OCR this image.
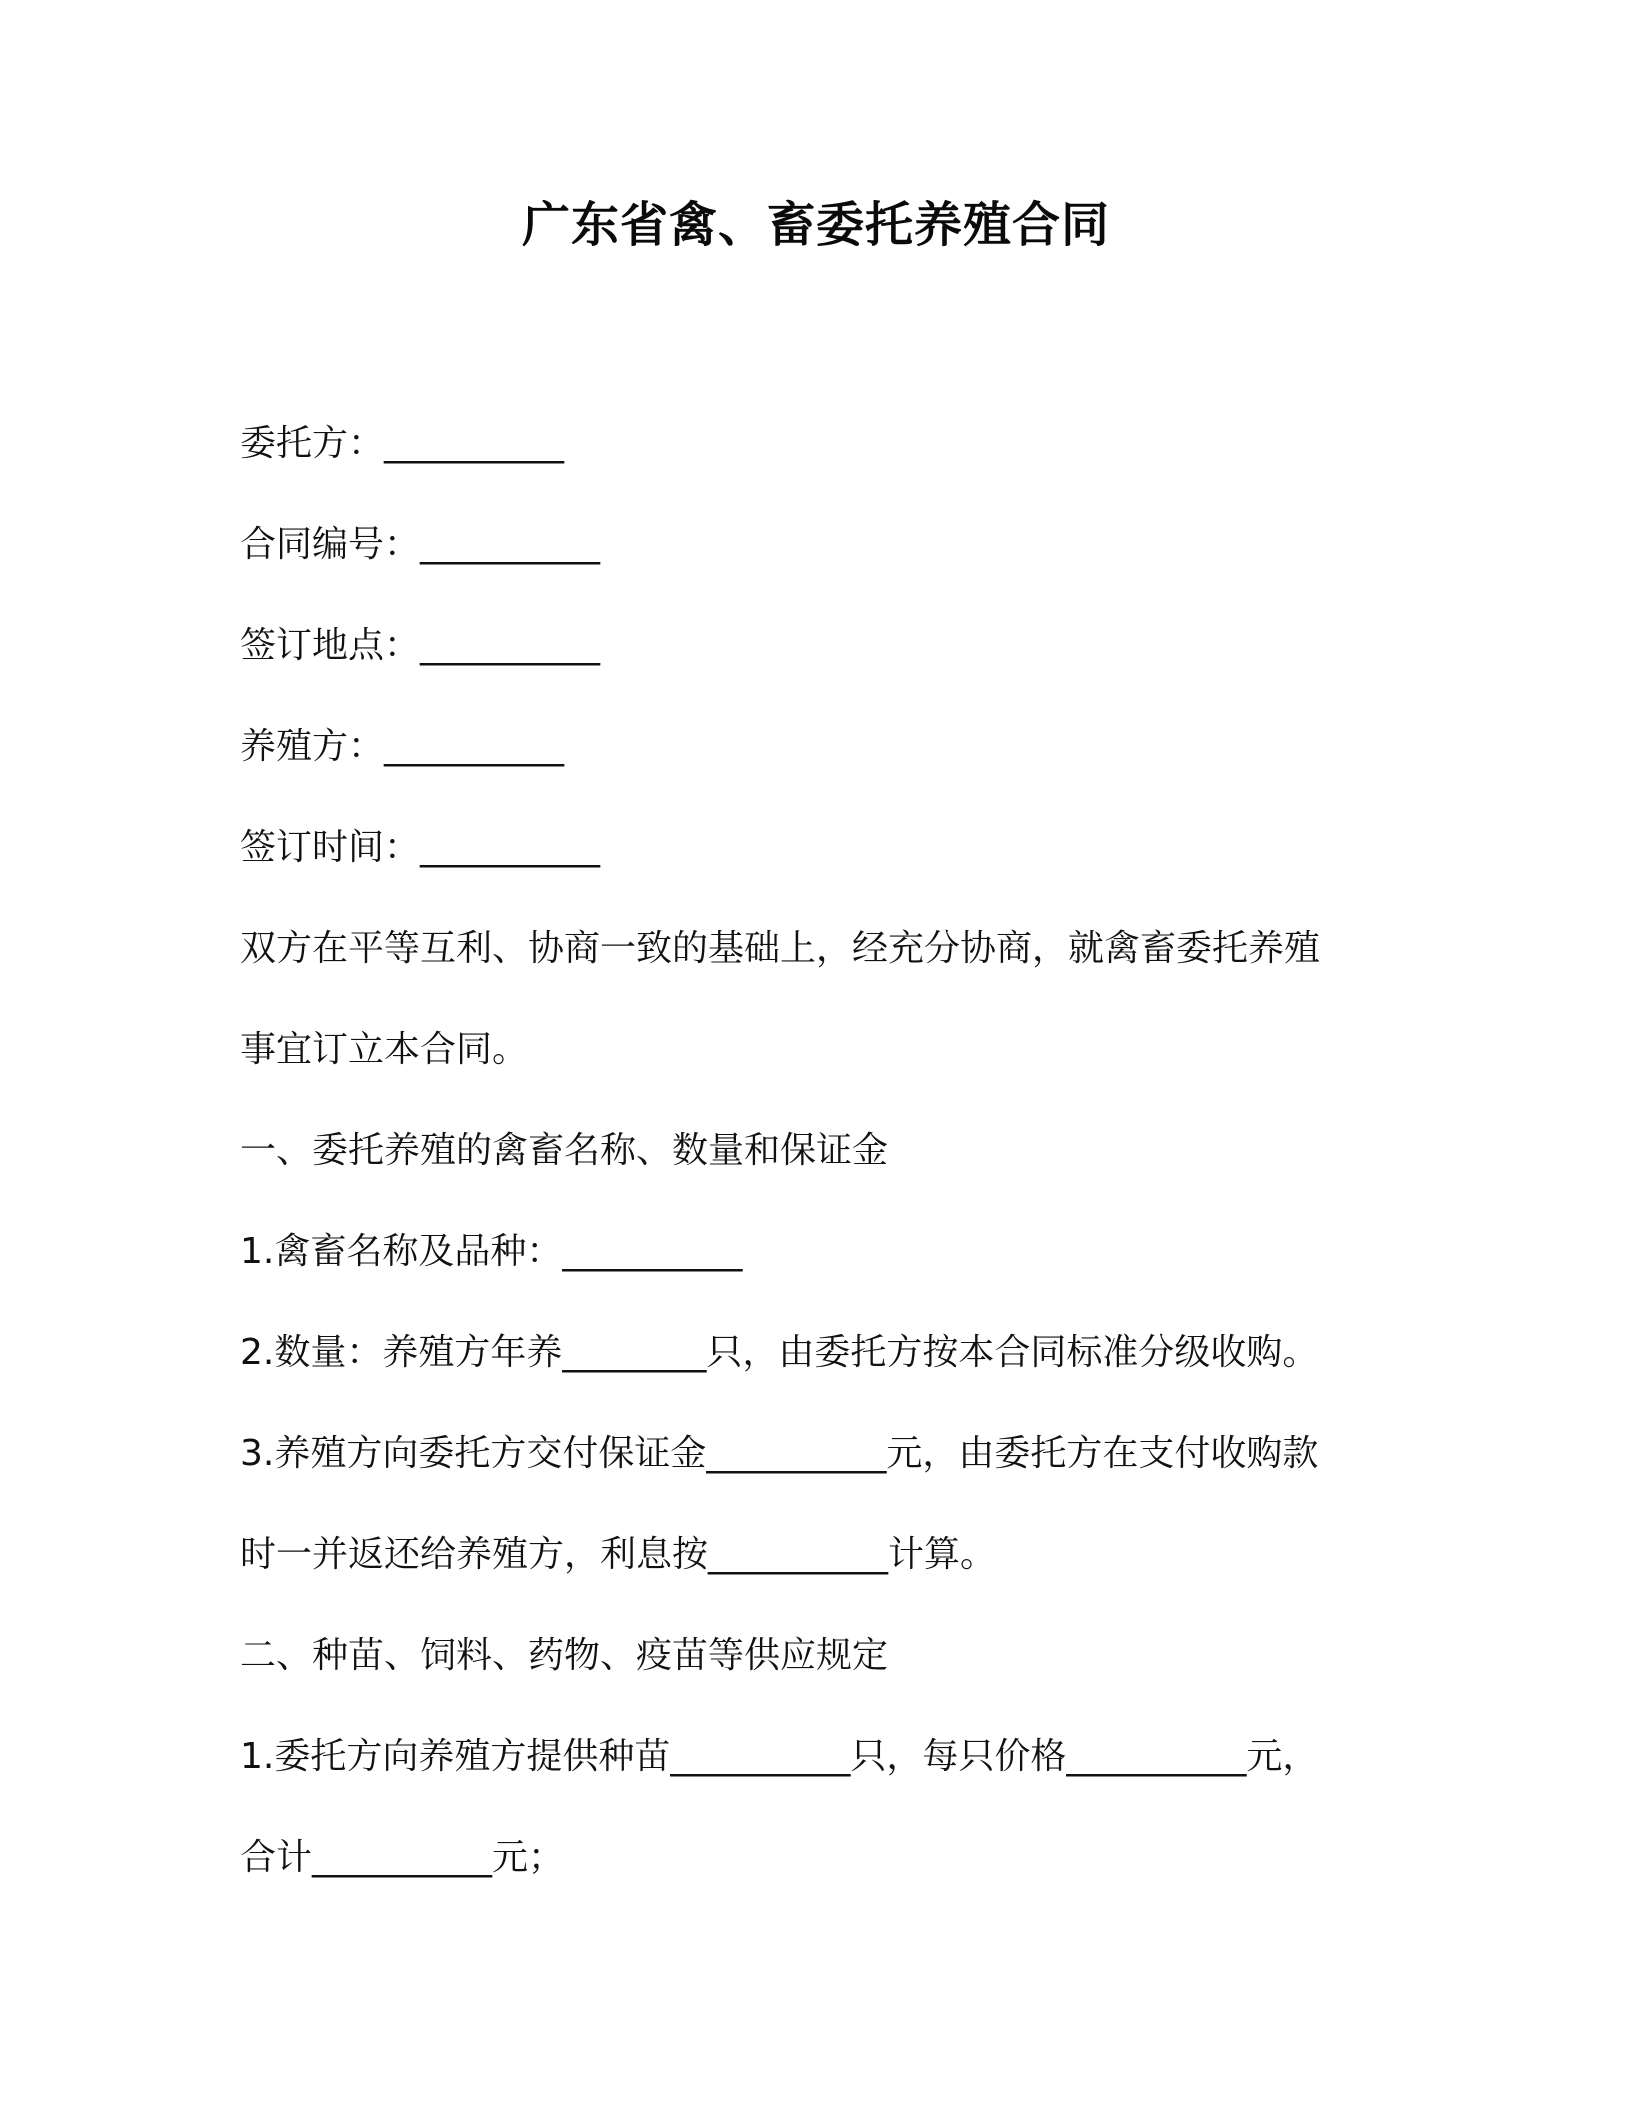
广东省禽、畜委托养殖合同
委托方：__________
合同编号：__________
签订地点：__________
养殖方：__________
签订时间：__________
双方在平等互利、协商一致的基础上，经充分协商，就禽畜委托养殖
事宜订立本合同。
一、委托养殖的禽畜名称、数量和保证金
1.禽畜名称及品种：__________
2.数量：养殖方年养________只，由委托方按本合同标准分级收购。
3.养殖方向委托方交付保证金__________元，由委托方在支付收购款
时一并返还给养殖方，利息按__________计算。
二、种苗、饲料、药物、疫苗等供应规定
1.委托方向养殖方提供种苗__________只，每只价格__________元，
合计__________元；
